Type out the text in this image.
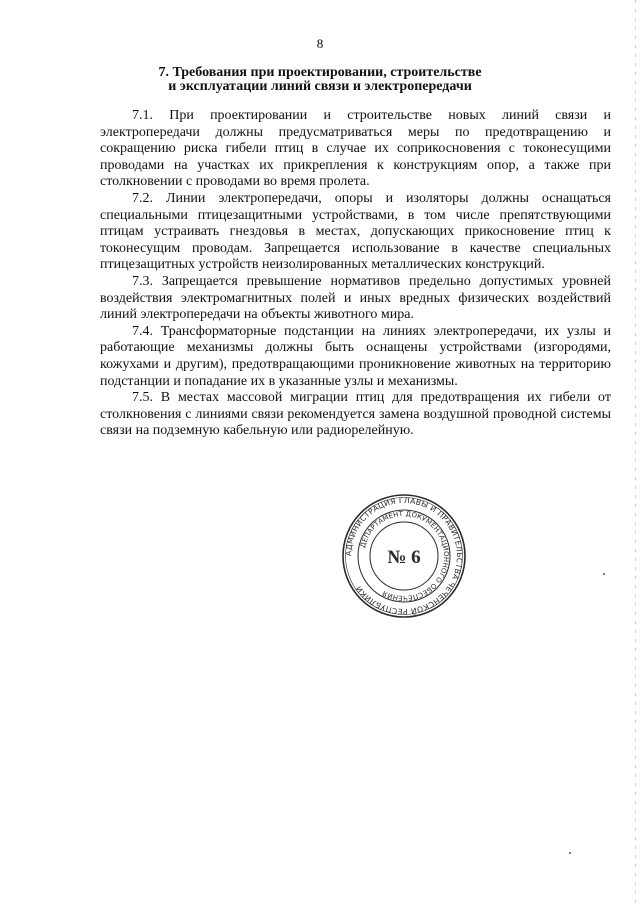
8
7. Требования при проектировании, строительстве
и эксплуатации линий связи и электропередачи

7.1. При проектировании и строительстве новых линий связи и электропередачи должны предусматриваться меры по предотвращению и сокращению риска гибели птиц в случае их соприкосновения с токонесущими проводами на участках их прикрепления к конструкциям опор, а также при столкновении с проводами во время пролета.

7.2. Линии электропередачи, опоры и изоляторы должны оснащаться специальными птицезащитными устройствами, в том числе препятствующими птицам устраивать гнездовья в местах, допускающих прикосновение птиц к токонесущим проводам. Запрещается использование в качестве специальных птицезащитных устройств неизолированных металлических конструкций.

7.3. Запрещается превышение нормативов предельно допустимых уровней воздействия электромагнитных полей и иных вредных физических воздействий линий электропередачи на объекты животного мира.

7.4. Трансформаторные подстанции на линиях электропередачи, их узлы и работающие механизмы должны быть оснащены устройствами (изгородями, кожухами и другим), предотвращающими проникновение животных на территорию подстанции и попадание их в указанные узлы и механизмы.

7.5. В местах массовой миграции птиц для предотвращения их гибели от столкновения с линиями связи рекомендуется замена воздушной проводной системы связи на подземную кабельную или радиорелейную.

АДМИНИСТРАЦИЯ ГЛАВЫ И ПРАВИТЕЛЬСТВА ЧЕЧЕНСКОЙ РЕСПУБЛИКИ
ДЕПАРТАМЕНТ ДОКУМЕНТАЦИОННОГО ОБЕСПЕЧЕНИЯ
№ 6
